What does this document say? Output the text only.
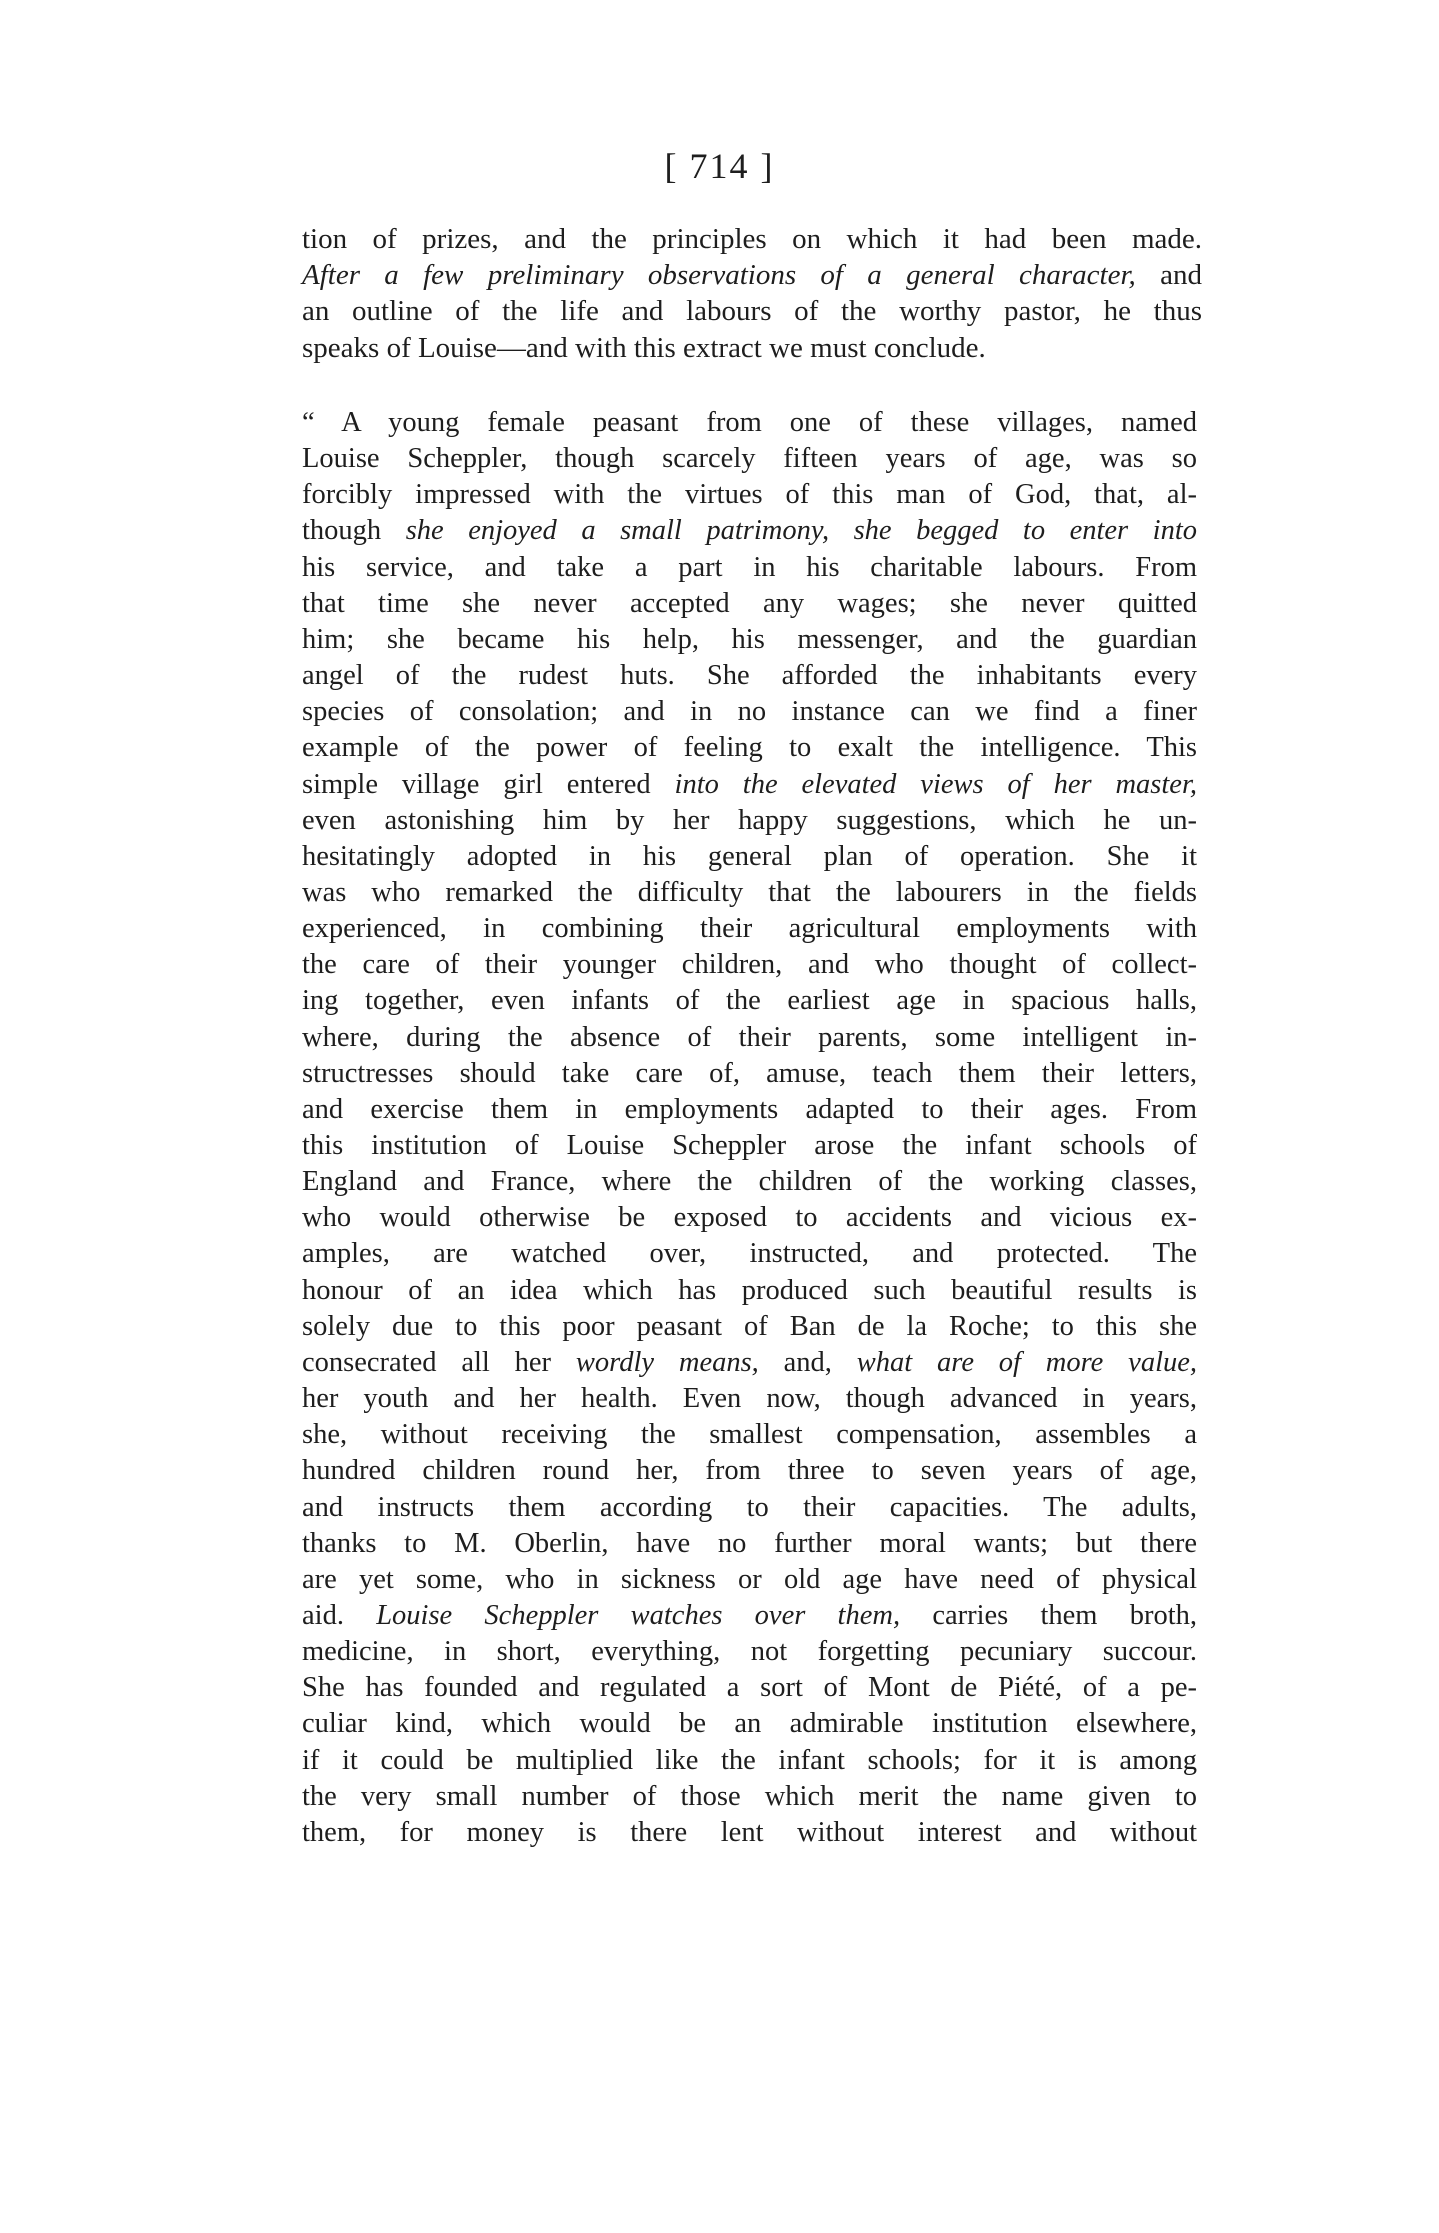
[ 714 ]
tion of prizes, and the principles on which it had been made.
After a few preliminary observations of a general character, and
an outline of the life and labours of the worthy pastor, he thus
speaks of Louise—and with this extract we must conclude.
“ A young female peasant from one of these villages, named
Louise Scheppler, though scarcely fifteen years of age, was so
forcibly impressed with the virtues of this man of God, that, al-
though she enjoyed a small patrimony, she begged to enter into
his service, and take a part in his charitable labours. From
that time she never accepted any wages; she never quitted
him; she became his help, his messenger, and the guardian
angel of the rudest huts. She afforded the inhabitants every
species of consolation; and in no instance can we find a finer
example of the power of feeling to exalt the intelligence. This
simple village girl entered into the elevated views of her master,
even astonishing him by her happy suggestions, which he un-
hesitatingly adopted in his general plan of operation. She it
was who remarked the difficulty that the labourers in the fields
experienced, in combining their agricultural employments with
the care of their younger children, and who thought of collect-
ing together, even infants of the earliest age in spacious halls,
where, during the absence of their parents, some intelligent in-
structresses should take care of, amuse, teach them their letters,
and exercise them in employments adapted to their ages. From
this institution of Louise Scheppler arose the infant schools of
England and France, where the children of the working classes,
who would otherwise be exposed to accidents and vicious ex-
amples, are watched over, instructed, and protected. The
honour of an idea which has produced such beautiful results is
solely due to this poor peasant of Ban de la Roche; to this she
consecrated all her wordly means, and, what are of more value,
her youth and her health. Even now, though advanced in years,
she, without receiving the smallest compensation, assembles a
hundred children round her, from three to seven years of age,
and instructs them according to their capacities. The adults,
thanks to M. Oberlin, have no further moral wants; but there
are yet some, who in sickness or old age have need of physical
aid. Louise Scheppler watches over them, carries them broth,
medicine, in short, everything, not forgetting pecuniary succour.
She has founded and regulated a sort of Mont de Piété, of a pe-
culiar kind, which would be an admirable institution elsewhere,
if it could be multiplied like the infant schools; for it is among
the very small number of those which merit the name given to
them, for money is there lent without interest and without
